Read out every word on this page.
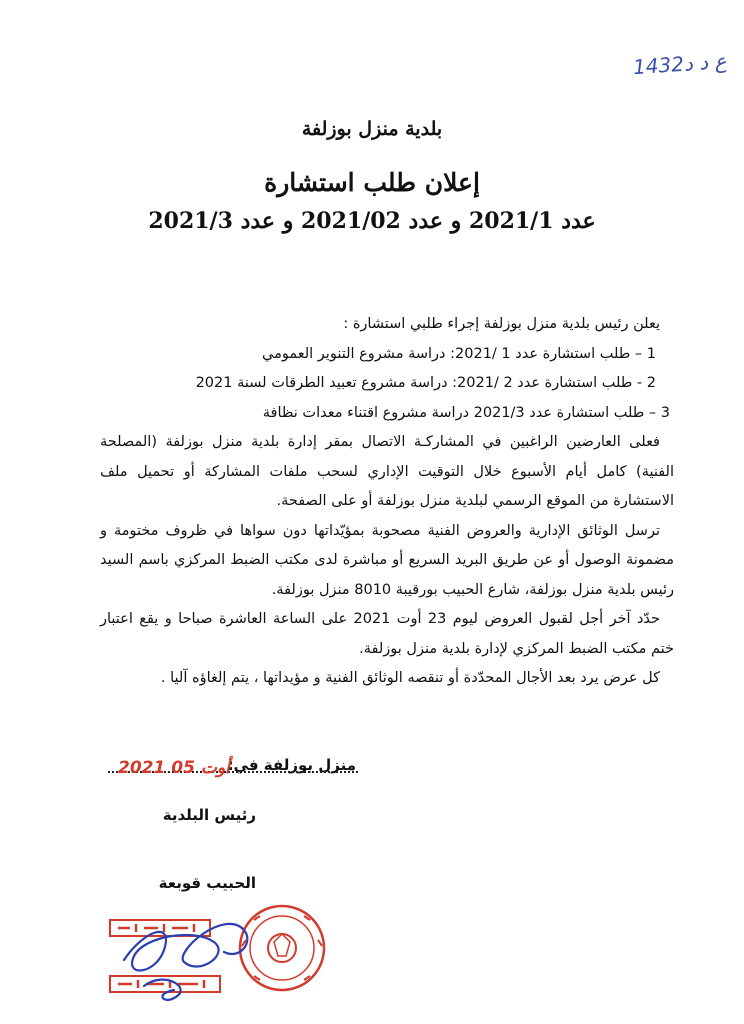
1432ع د د
بلدية منزل بوزلفة
إعلان طلب استشارة
عدد 2021/1 و عدد 2021/02 و عدد 2021/3

يعلن رئيس بلدية منزل بوزلفة إجراء طلبي استشارة :

1 – طلب استشارة عدد 1 /2021: دراسة مشروع التنوير العمومي

2 - طلب استشارة عدد 2 /2021: دراسة مشروع تعبيد الطرقات لسنة 2021

3 – طلب استشارة عدد 2021/3 دراسة مشروع اقتناء معدات نظافة

فعلى العارضين الراغبين في المشاركـة الاتصال بمقر إدارة بلدية منزل بوزلفة (المصلحة الفنية) كامل أيام الأسبوع خلال التوقيت الإداري لسحب ملفات المشاركة أو تحميل ملف الاستشارة من الموقع الرسمي لبلدية منزل بوزلفة أو على الصفحة.

ترسل الوثائق الإدارية والعروض الفنية مصحوبة بمؤيّداتها دون سواها في ظروف مختومة و مضمونة الوصول أو عن طريق البريد السريع أو مباشرة لدى مكتب الضبط المركزي باسم السيد رئيس بلدية منزل بوزلفة، شارع الحبيب بورقيبة 8010 منزل بوزلفة.

حدّد آخر أجل لقبول العروض ليوم 23 أوت 2021 على الساعة العاشرة صباحا و يقع اعتبار ختم مكتب الضبط المركزي لإدارة بلدية منزل بوزلفة.

كل عرض يرد بعد الأجال المحدّدة أو تنقصه الوثائق الفنية و مؤيداتها ، يتم إلغاؤه آليا .

منزل بوزلفة في:
2021 أوت 05
رئيس البلدية
الحبيب قوبعة
